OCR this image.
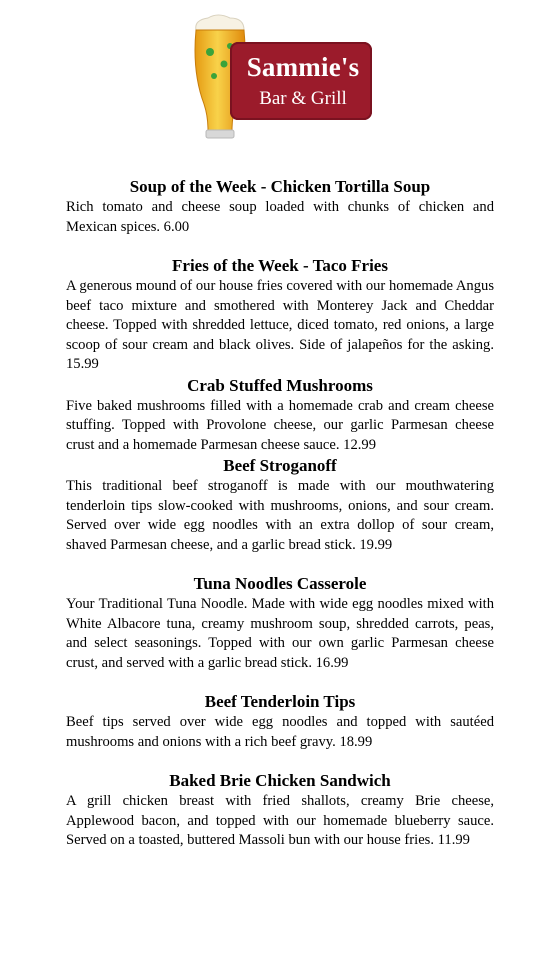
Sammie's
Bar & Grill

Soup of the Week - Chicken Tortilla Soup

Rich tomato and cheese soup loaded with chunks of chicken and Mexican spices. 6.00

Fries of the Week - Taco Fries

A generous mound of our house fries covered with our homemade Angus beef taco mixture and smothered with Monterey Jack and Cheddar cheese. Topped with shredded lettuce, diced tomato, red onions, a large scoop of sour cream and black olives. Side of jalapeños for the asking. 15.99

Crab Stuffed Mushrooms

Five baked mushrooms filled with a homemade crab and cream cheese stuffing. Topped with Provolone cheese, our garlic Parmesan cheese crust and a homemade Parmesan cheese sauce. 12.99

Beef Stroganoff

This traditional beef stroganoff is made with our mouthwatering tenderloin tips slow-cooked with mushrooms, onions, and sour cream. Served over wide egg noodles with an extra dollop of sour cream, shaved Parmesan cheese, and a garlic bread stick. 19.99

Tuna Noodles Casserole

Your Traditional Tuna Noodle. Made with wide egg noodles mixed with White Albacore tuna, creamy mushroom soup, shredded carrots, peas, and select seasonings. Topped with our own garlic Parmesan cheese crust, and served with a garlic bread stick. 16.99

Beef Tenderloin Tips

Beef tips served over wide egg noodles and topped with sautéed mushrooms and onions with a rich beef gravy. 18.99

Baked Brie Chicken Sandwich

A grill chicken breast with fried shallots, creamy Brie cheese, Applewood bacon, and topped with our homemade blueberry sauce. Served on a toasted, buttered Massoli bun with our house fries. 11.99
